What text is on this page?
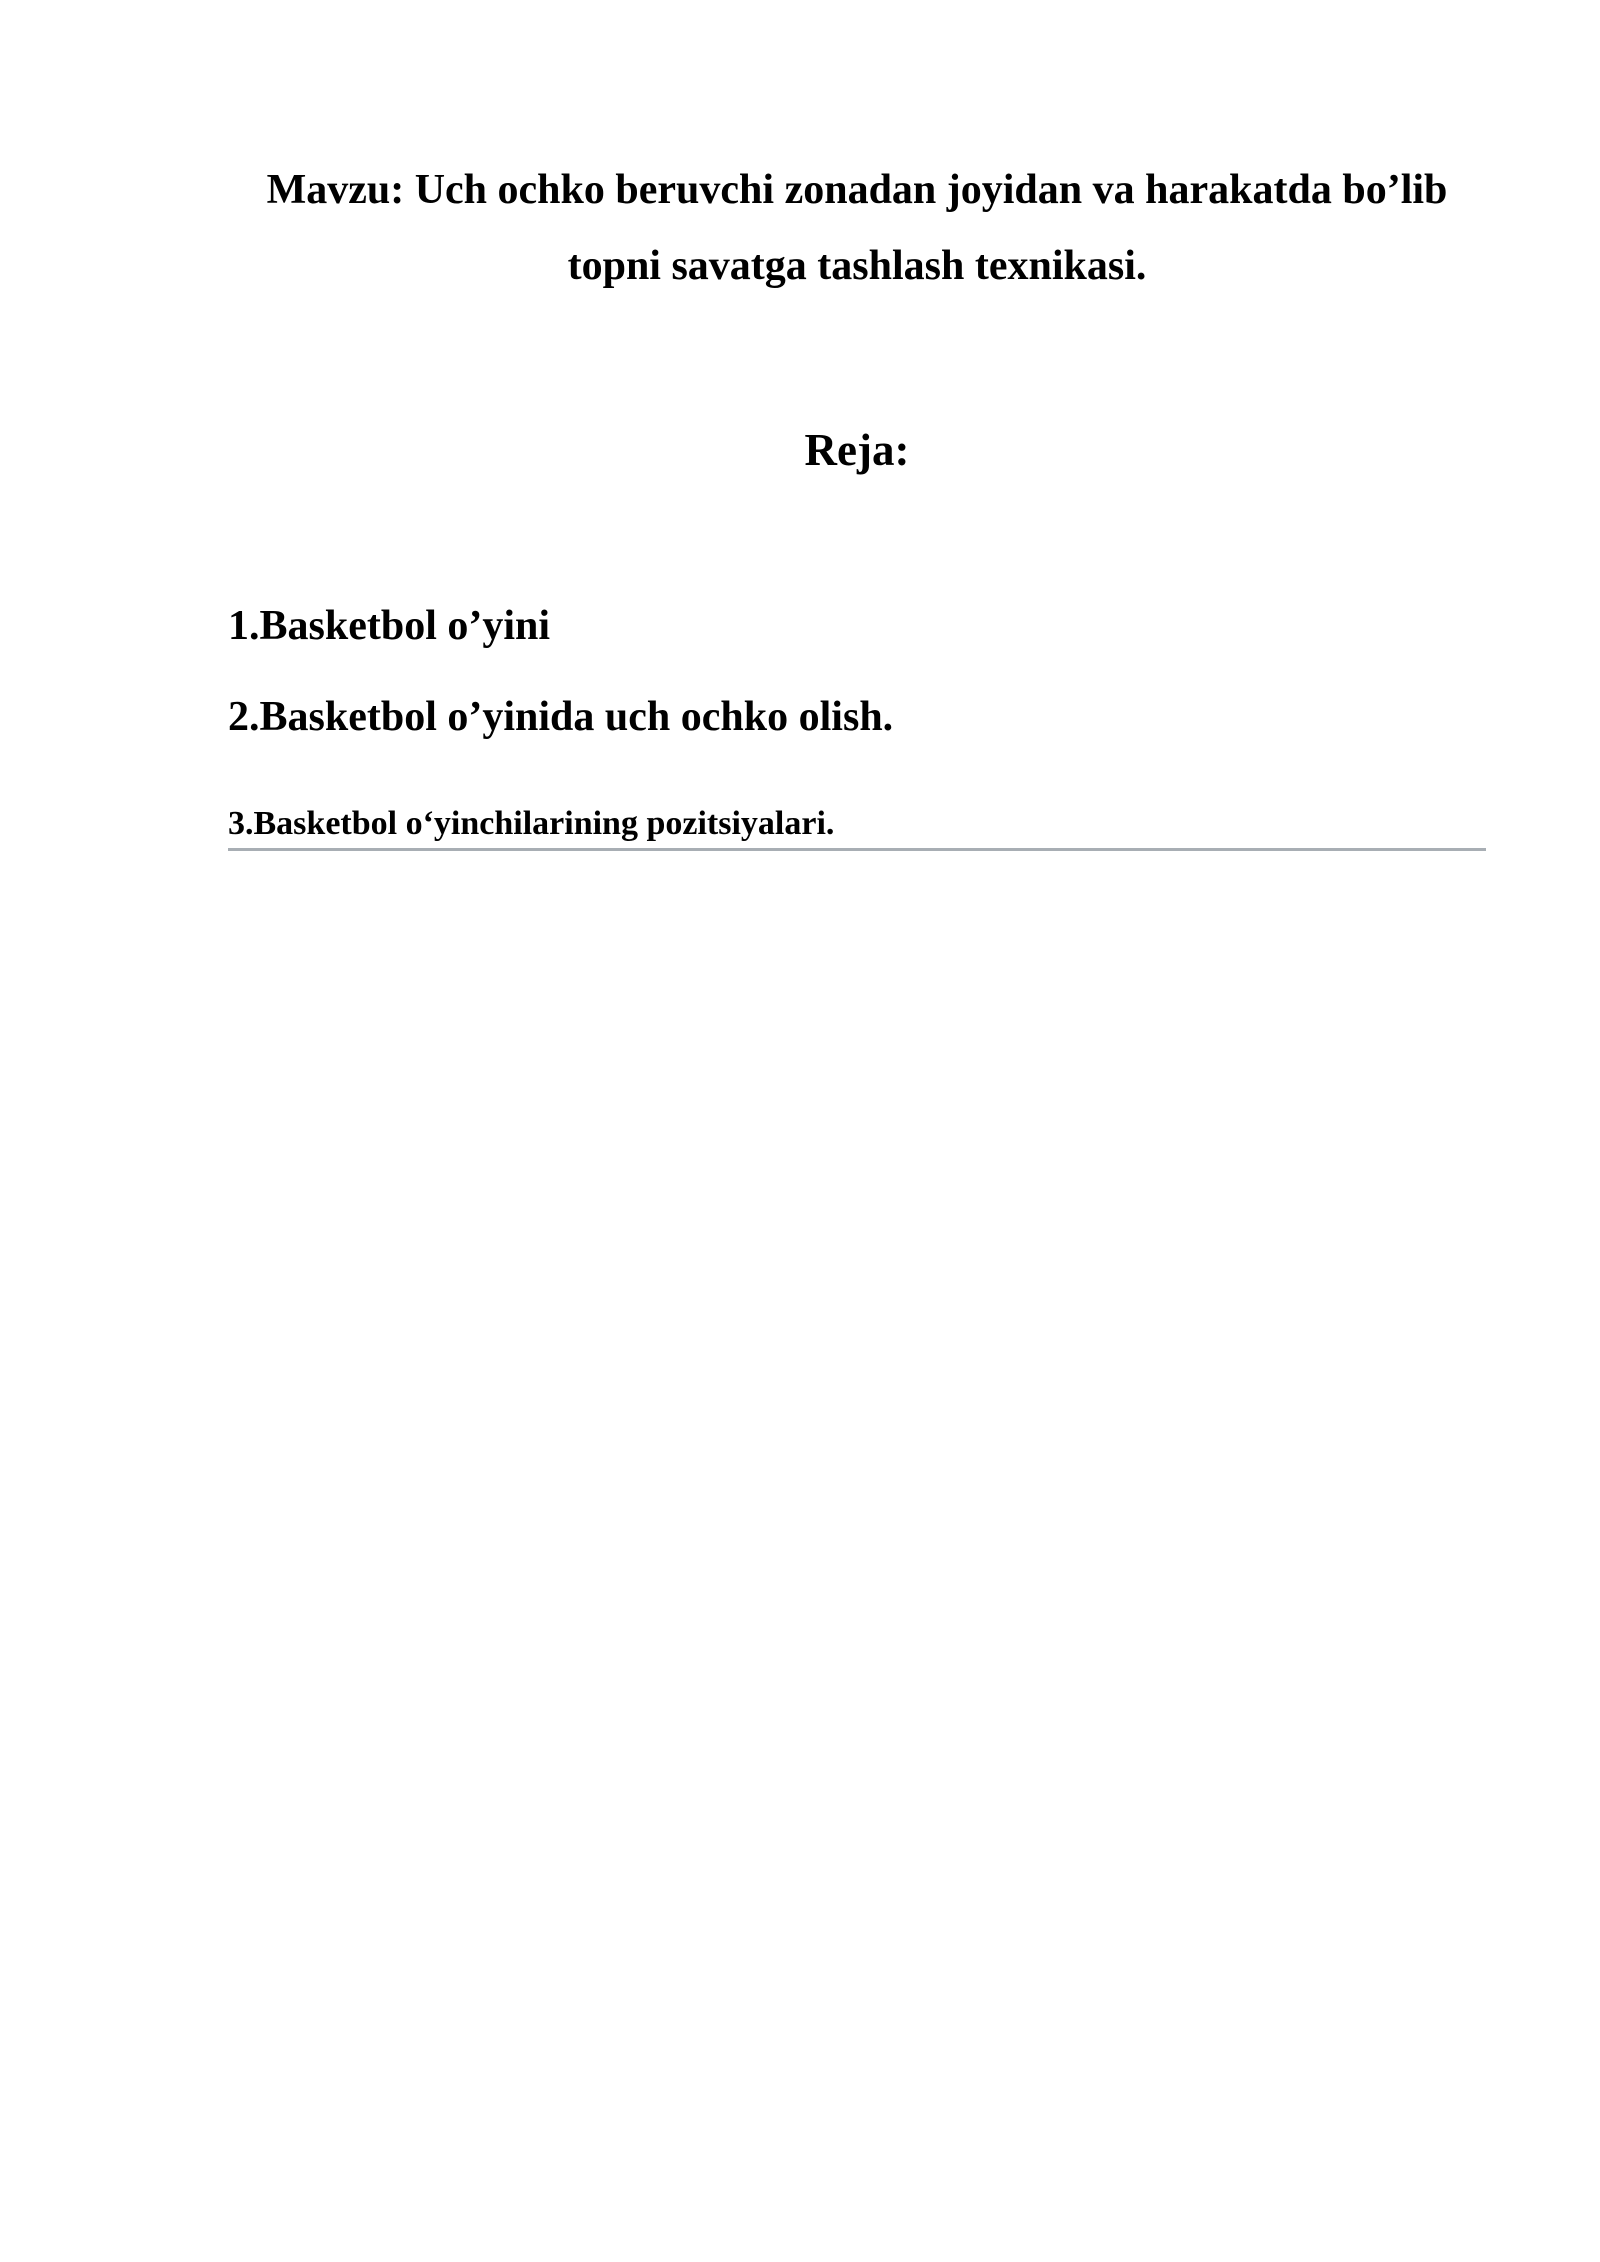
Mavzu: Uch ochko beruvchi zonadan joyidan va harakatda bo’lib
topni savatga tashlash texnikasi.
Reja:

1.Basketbol o’yini

2.Basketbol o’yinida uch ochko olish.

3.Basketbol oʻyinchilarining pozitsiyalari.
